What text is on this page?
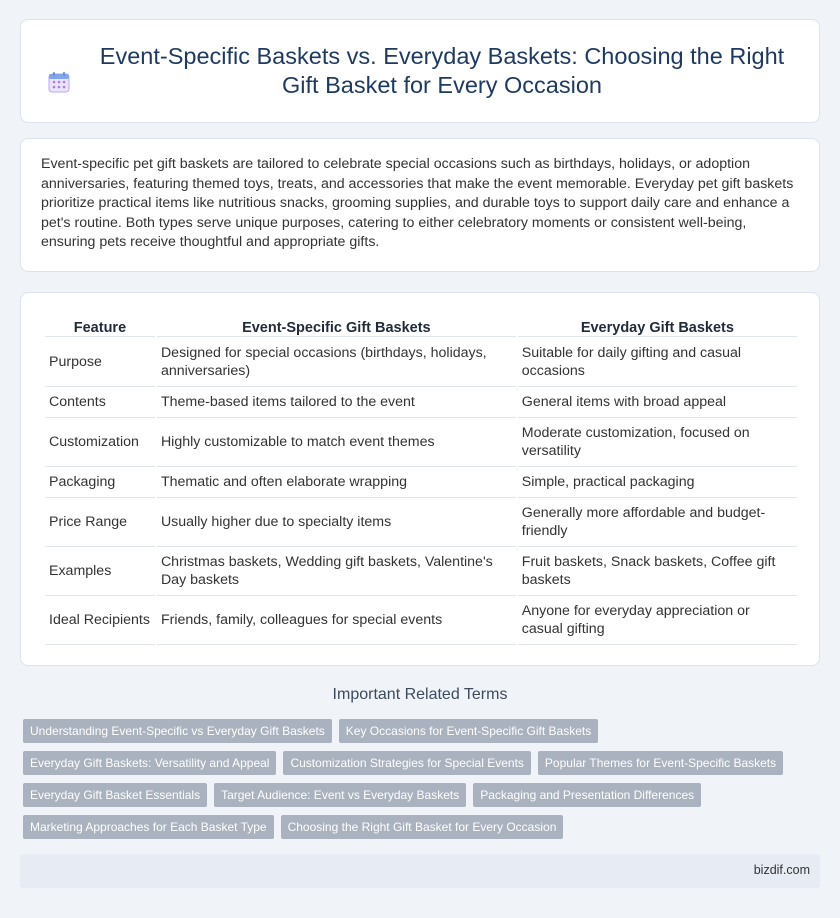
Event-Specific Baskets vs. Everyday Baskets: Choosing the Right Gift Basket for Every Occasion

Event-specific pet gift baskets are tailored to celebrate special occasions such as birthdays, holidays, or adoption anniversaries, featuring themed toys, treats, and accessories that make the event memorable. Everyday pet gift baskets prioritize practical items like nutritious snacks, grooming supplies, and durable toys to support daily care and enhance a pet's routine. Both types serve unique purposes, catering to either celebratory moments or consistent well-being, ensuring pets receive thoughtful and appropriate gifts.

Feature	Event-Specific Gift Baskets	Everyday Gift Baskets
Purpose	Designed for special occasions (birthdays, holidays, anniversaries)	Suitable for daily gifting and casual occasions
Contents	Theme-based items tailored to the event	General items with broad appeal
Customization	Highly customizable to match event themes	Moderate customization, focused on versatility
Packaging	Thematic and often elaborate wrapping	Simple, practical packaging
Price Range	Usually higher due to specialty items	Generally more affordable and budget-friendly
Examples	Christmas baskets, Wedding gift baskets, Valentine's Day baskets	Fruit baskets, Snack baskets, Coffee gift baskets
Ideal Recipients	Friends, family, colleagues for special events	Anyone for everyday appreciation or casual gifting
Important Related Terms
Understanding Event-Specific vs Everyday Gift Baskets	Key Occasions for Event-Specific Gift Baskets
Everyday Gift Baskets: Versatility and Appeal	Customization Strategies for Special Events	Popular Themes for Event-Specific Baskets
Everyday Gift Basket Essentials	Target Audience: Event vs Everyday Baskets	Packaging and Presentation Differences
Marketing Approaches for Each Basket Type	Choosing the Right Gift Basket for Every Occasion
bizdif.com
